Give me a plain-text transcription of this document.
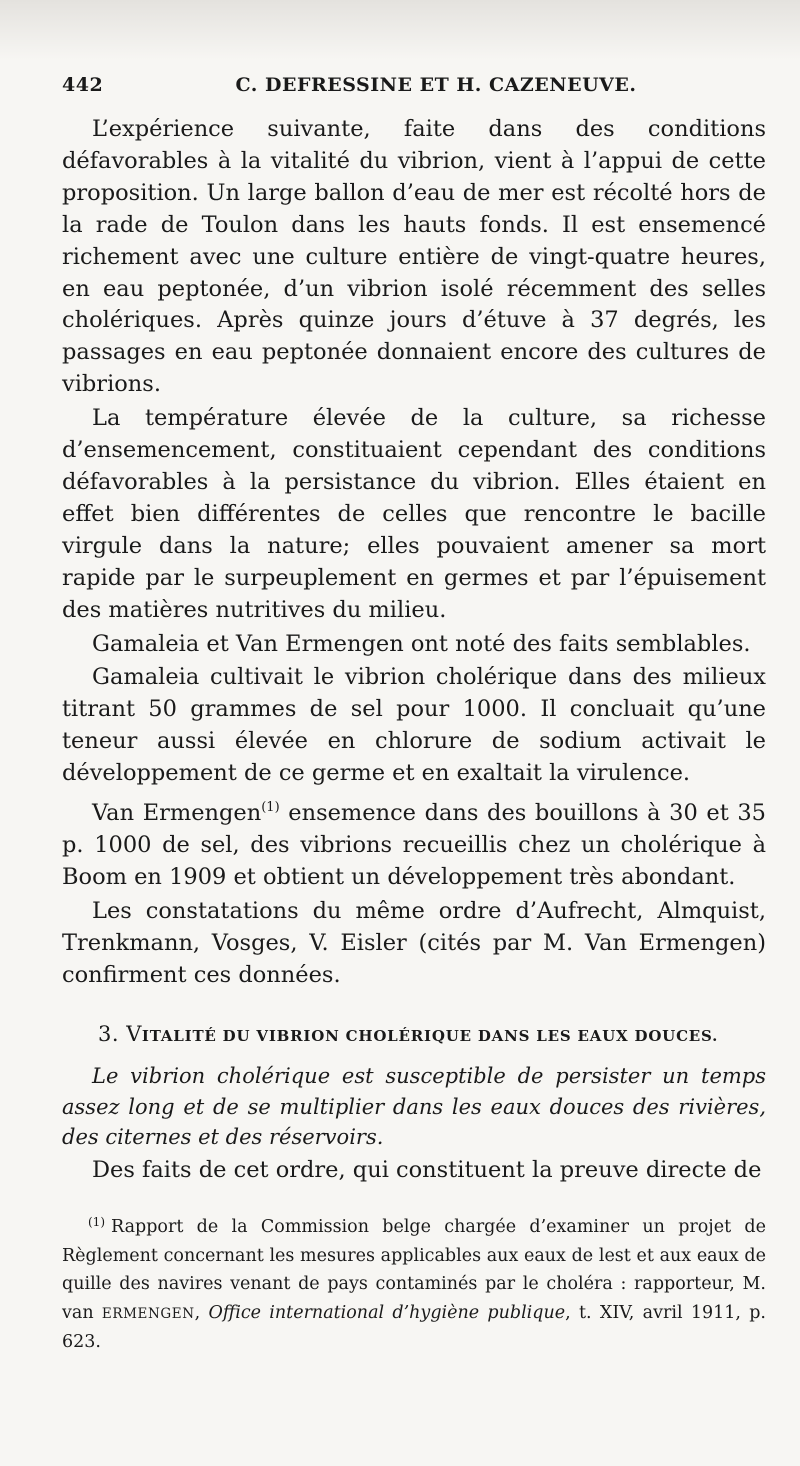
442	C. DEFRESSINE ET H. CAZENEUVE.

L’expérience suivante, faite dans des conditions défavorables à la vitalité du vibrion, vient à l’appui de cette proposition. Un large ballon d’eau de mer est récolté hors de la rade de Toulon dans les hauts fonds. Il est ensemencé richement avec une culture entière de vingt-quatre heures, en eau peptonée, d’un vibrion isolé récemment des selles cholériques. Après quinze jours d’étuve à 37 degrés, les passages en eau peptonée donnaient encore des cultures de vibrions.

La température élevée de la culture, sa richesse d’ensemencement, constituaient cependant des conditions défavorables à la persistance du vibrion. Elles étaient en effet bien différentes de celles que rencontre le bacille virgule dans la nature; elles pouvaient amener sa mort rapide par le surpeuplement en germes et par l’épuisement des matières nutritives du milieu.

Gamaleia et Van Ermengen ont noté des faits semblables.

Gamaleia cultivait le vibrion cholérique dans des milieux titrant 50 grammes de sel pour 1000. Il concluait qu’une teneur aussi élevée en chlorure de sodium activait le développement de ce germe et en exaltait la virulence.

Van Ermengen$^{(1)}$ ensemence dans des bouillons à 30 et 35 p. 1000 de sel, des vibrions recueillis chez un cholérique à Boom en 1909 et obtient un développement très abondant.

Les constatations du même ordre d’Aufrecht, Almquist, Trenkmann, Vosges, V. Eisler (cités par M. Van Ermengen) confirment ces données.

3. VITALITÉ DU VIBRION CHOLÉRIQUE DANS LES EAUX DOUCES.

Le vibrion cholérique est susceptible de persister un temps assez long et de se multiplier dans les eaux douces des rivières, des citernes et des réservoirs.

Des faits de cet ordre, qui constituent la preuve directe de

$^{(1)}$ Rapport de la Commission belge chargée d’examiner un projet de Règlement concernant les mesures applicables aux eaux de lest et aux eaux de quille des navires venant de pays contaminés par le choléra : rapporteur, M. van ERMENGEN, Office international d’hygiène publique, t. XIV, avril 1911, p. 623.
